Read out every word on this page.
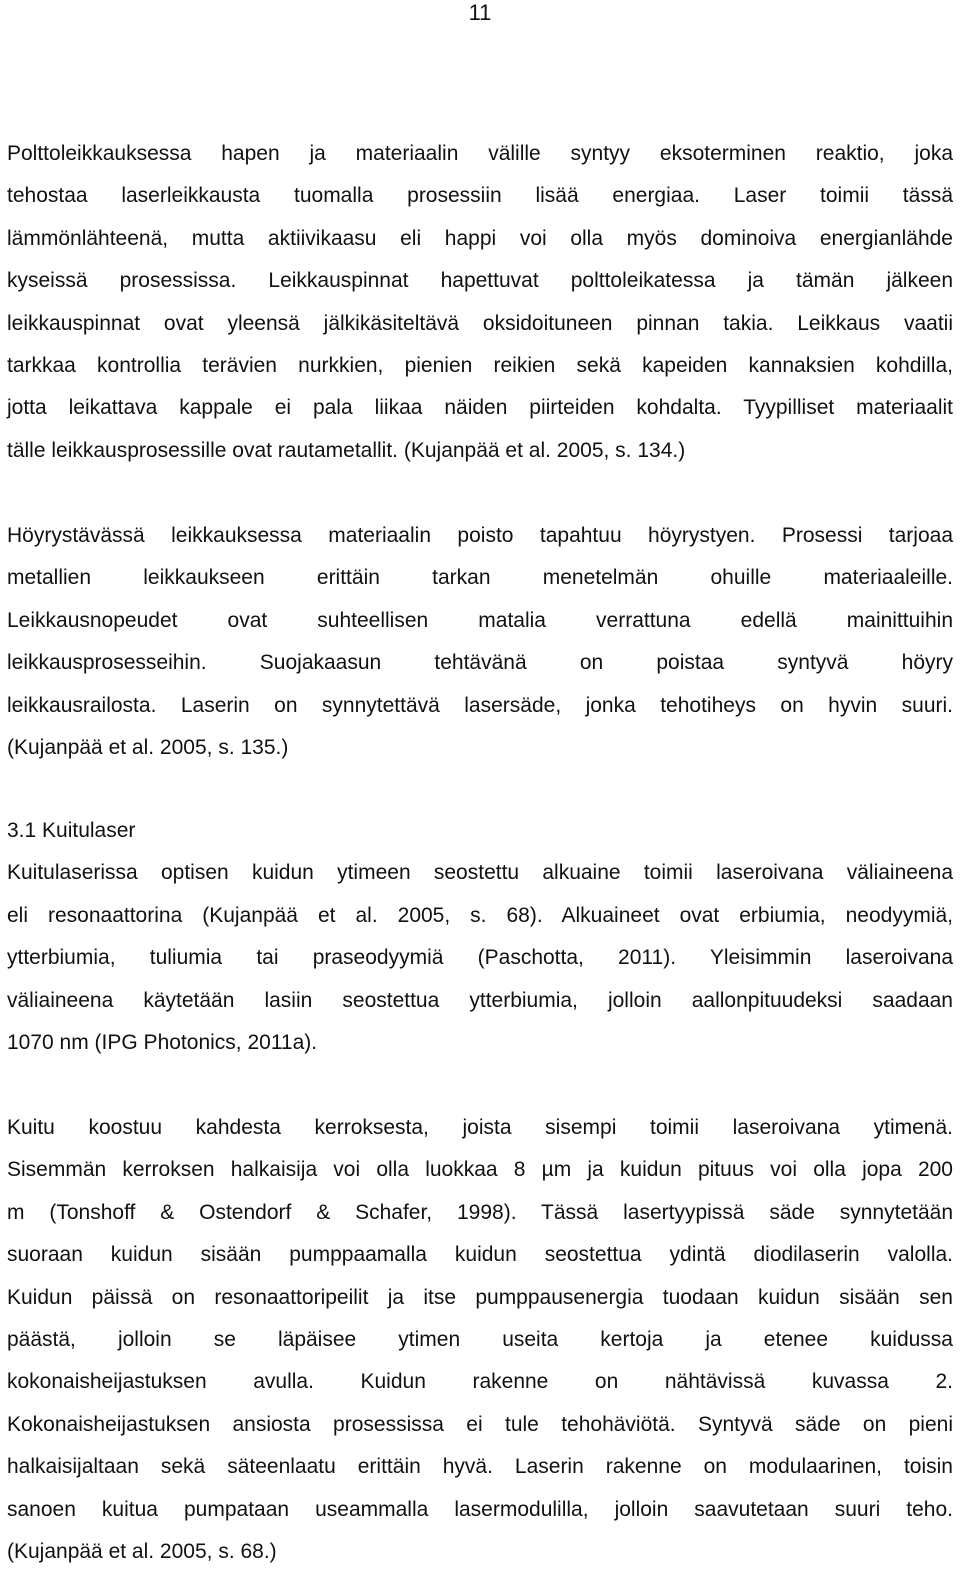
11

Polttoleikkauksessa hapen ja materiaalin välille syntyy eksoterminen reaktio, joka
tehostaa laserleikkausta tuomalla prosessiin lisää energiaa. Laser toimii tässä
lämmönlähteenä, mutta aktiivikaasu eli happi voi olla myös dominoiva energianlähde
kyseissä prosessissa. Leikkauspinnat hapettuvat polttoleikatessa ja tämän jälkeen
leikkauspinnat ovat yleensä jälkikäsiteltävä oksidoituneen pinnan takia. Leikkaus vaatii
tarkkaa kontrollia terävien nurkkien, pienien reikien sekä kapeiden kannaksien kohdilla,
jotta leikattava kappale ei pala liikaa näiden piirteiden kohdalta. Tyypilliset materiaalit
tälle leikkausprosessille ovat rautametallit. (Kujanpää et al. 2005, s. 134.)

Höyrystävässä leikkauksessa materiaalin poisto tapahtuu höyrystyen. Prosessi tarjoaa
metallien leikkaukseen erittäin tarkan menetelmän ohuille materiaaleille.
Leikkausnopeudet ovat suhteellisen matalia verrattuna edellä mainittuihin
leikkausprosesseihin. Suojakaasun tehtävänä on poistaa syntyvä höyry
leikkausrailosta. Laserin on synnytettävä lasersäde, jonka tehotiheys on hyvin suuri.
(Kujanpää et al. 2005, s. 135.)

3.1 Kuitulaser

Kuitulaserissa optisen kuidun ytimeen seostettu alkuaine toimii laseroivana väliaineena
eli resonaattorina (Kujanpää et al. 2005, s. 68). Alkuaineet ovat erbiumia, neodyymiä,
ytterbiumia, tuliumia tai praseodyymiä (Paschotta, 2011). Yleisimmin laseroivana
väliaineena käytetään lasiin seostettua ytterbiumia, jolloin aallonpituudeksi saadaan
1070 nm (IPG Photonics, 2011a).

Kuitu koostuu kahdesta kerroksesta, joista sisempi toimii laseroivana ytimenä.
Sisemmän kerroksen halkaisija voi olla luokkaa 8 µm ja kuidun pituus voi olla jopa 200
m (Tonshoff & Ostendorf & Schafer, 1998). Tässä lasertyypissä säde synnytetään
suoraan kuidun sisään pumppaamalla kuidun seostettua ydintä diodilaserin valolla.
Kuidun päissä on resonaattoripeilit ja itse pumppausenergia tuodaan kuidun sisään sen
päästä, jolloin se läpäisee ytimen useita kertoja ja etenee kuidussa
kokonaisheijastuksen avulla. Kuidun rakenne on nähtävissä kuvassa 2.
Kokonaisheijastuksen ansiosta prosessissa ei tule tehohäviötä. Syntyvä säde on pieni
halkaisijaltaan sekä säteenlaatu erittäin hyvä. Laserin rakenne on modulaarinen, toisin
sanoen kuitua pumpataan useammalla lasermodulilla, jolloin saavutetaan suuri teho.
(Kujanpää et al. 2005, s. 68.)
